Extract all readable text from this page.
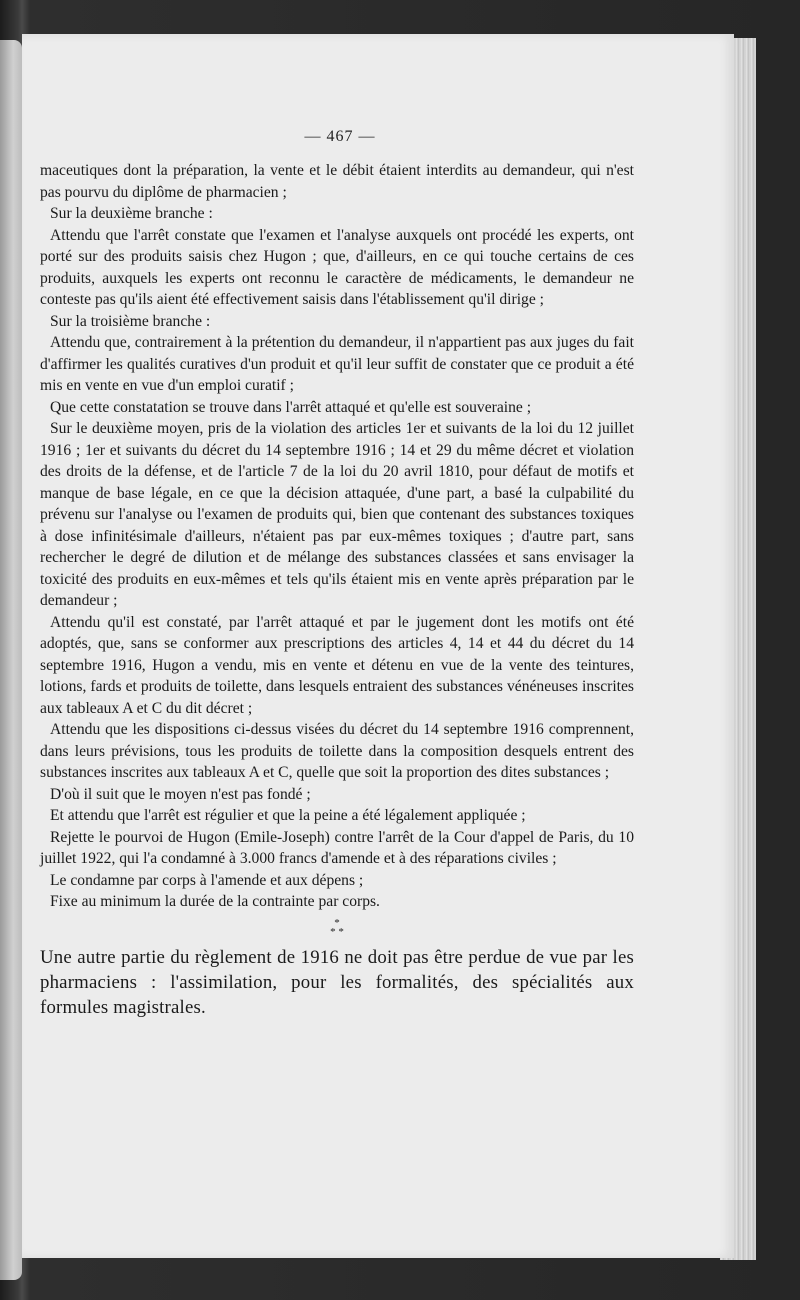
— 467 —

maceutiques dont la préparation, la vente et le débit étaient interdits au demandeur, qui n'est pas pourvu du diplôme de pharmacien ;

Sur la deuxième branche :

Attendu que l'arrêt constate que l'examen et l'analyse auxquels ont procédé les experts, ont porté sur des produits saisis chez Hugon ; que, d'ailleurs, en ce qui touche certains de ces produits, auxquels les experts ont reconnu le caractère de médicaments, le demandeur ne conteste pas qu'ils aient été effectivement saisis dans l'établissement qu'il dirige ;

Sur la troisième branche :

Attendu que, contrairement à la prétention du demandeur, il n'appartient pas aux juges du fait d'affirmer les qualités curatives d'un produit et qu'il leur suffit de constater que ce produit a été mis en vente en vue d'un emploi curatif ;

Que cette constatation se trouve dans l'arrêt attaqué et qu'elle est souveraine ;

Sur le deuxième moyen, pris de la violation des articles 1er et suivants de la loi du 12 juillet 1916 ; 1er et suivants du décret du 14 septembre 1916 ; 14 et 29 du même décret et violation des droits de la défense, et de l'article 7 de la loi du 20 avril 1810, pour défaut de motifs et manque de base légale, en ce que la décision attaquée, d'une part, a basé la culpabilité du prévenu sur l'analyse ou l'examen de produits qui, bien que contenant des substances toxiques à dose infinitésimale d'ailleurs, n'étaient pas par eux-mêmes toxiques ; d'autre part, sans rechercher le degré de dilution et de mélange des substances classées et sans envisager la toxicité des produits en eux-mêmes et tels qu'ils étaient mis en vente après préparation par le demandeur ;

Attendu qu'il est constaté, par l'arrêt attaqué et par le jugement dont les motifs ont été adoptés, que, sans se conformer aux prescriptions des articles 4, 14 et 44 du décret du 14 septembre 1916, Hugon a vendu, mis en vente et détenu en vue de la vente des teintures, lotions, fards et produits de toilette, dans lesquels entraient des substances vénéneuses inscrites aux tableaux A et C du dit décret ;

Attendu que les dispositions ci-dessus visées du décret du 14 septembre 1916 comprennent, dans leurs prévisions, tous les produits de toilette dans la composition desquels entrent des substances inscrites aux tableaux A et C, quelle que soit la proportion des dites substances ;

D'où il suit que le moyen n'est pas fondé ;

Et attendu que l'arrêt est régulier et que la peine a été légalement appliquée ;

Rejette le pourvoi de Hugon (Emile-Joseph) contre l'arrêt de la Cour d'appel de Paris, du 10 juillet 1922, qui l'a condamné à 3.000 francs d'amende et à des réparations civiles ;

Le condamne par corps à l'amende et aux dépens ;

Fixe au minimum la durée de la contrainte par corps.

*
* *

Une autre partie du règlement de 1916 ne doit pas être perdue de vue par les pharmaciens : l'assimilation, pour les formalités, des spécialités aux formules magistrales.
